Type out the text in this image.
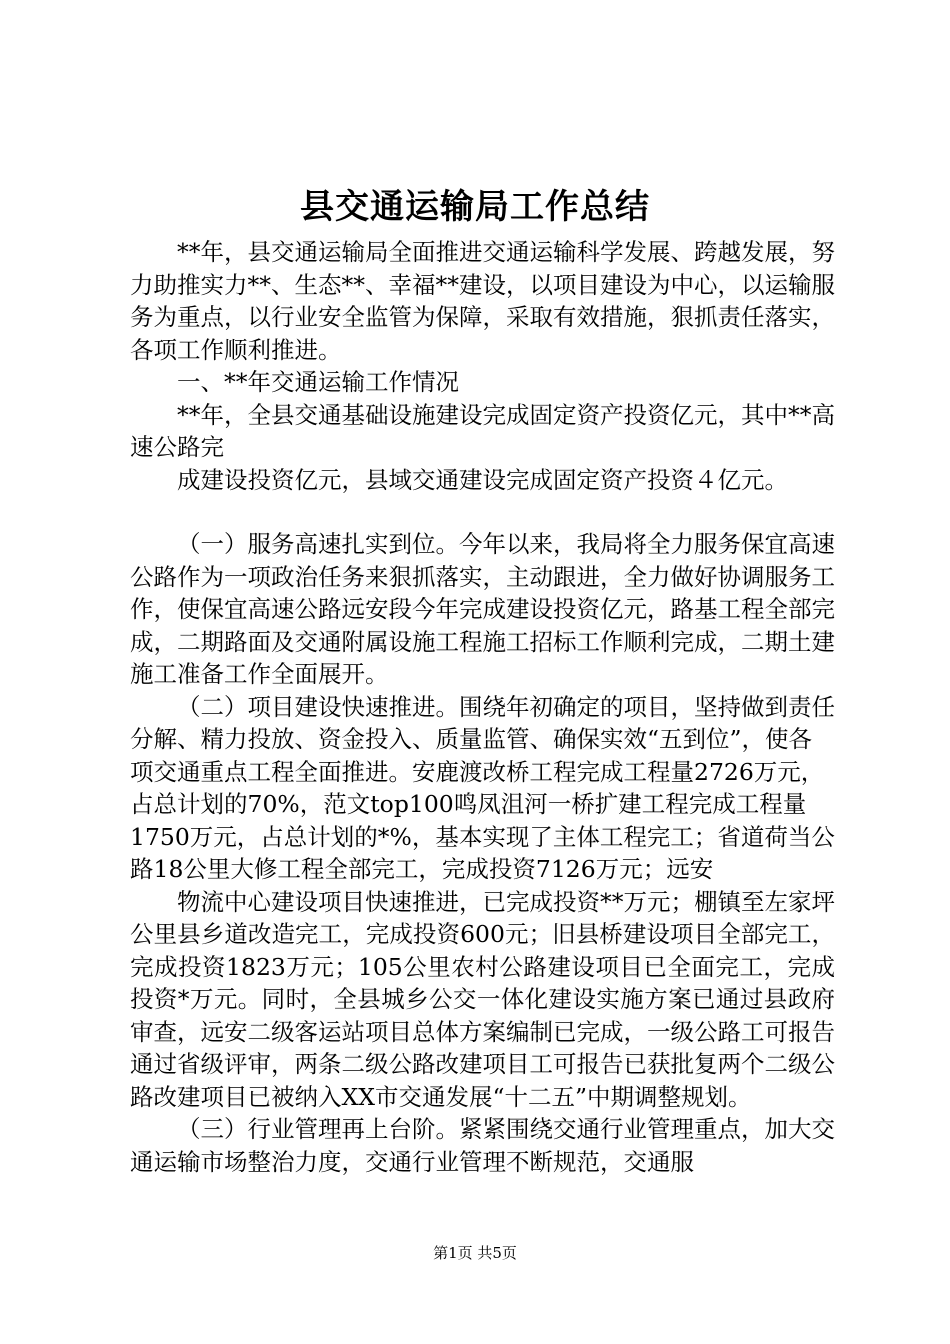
县交通运输局工作总结

**年，县交通运输局全面推进交通运输科学发展、跨越发展，努力助推实力**、生态**、幸福**建设，以项目建设为中心，以运输服务为重点，以行业安全监管为保障，采取有效措施，狠抓责任落实，各项工作顺利推进。

一、**年交通运输工作情况

**年，全县交通基础设施建设完成固定资产投资亿元，其中**高速公路完

成建设投资亿元，县域交通建设完成固定资产投资４亿元。

（一）服务高速扎实到位。今年以来，我局将全力服务保宜高速公路作为一项政治任务来狠抓落实，主动跟进，全力做好协调服务工作，使保宜高速公路远安段今年完成建设投资亿元，路基工程全部完成，二期路面及交通附属设施工程施工招标工作顺利完成，二期土建施工准备工作全面展开。

（二）项目建设快速推进。围绕年初确定的项目，坚持做到责任分解、精力投放、资金投入、质量监管、确保实效“五到位”，使各项交通重点工程全面推进。安鹿渡改桥工程完成工程量2726万元，占总计划的70%，范文top100鸣凤沮河一桥扩建工程完成工程量1750万元，占总计划的*%，基本实现了主体工程完工；省道荷当公路18公里大修工程全部完工，完成投资7126万元；远安

物流中心建设项目快速推进，已完成投资**万元；棚镇至左家坪公里县乡道改造完工，完成投资600元；旧县桥建设项目全部完工，完成投资1823万元；105公里农村公路建设项目已全面完工，完成投资*万元。同时，全县城乡公交一体化建设实施方案已通过县政府审查，远安二级客运站项目总体方案编制已完成，一级公路工可报告通过省级评审，两条二级公路改建项目工可报告已获批复两个二级公路改建项目已被纳入XX市交通发展“十二五”中期调整规划。

（三）行业管理再上台阶。紧紧围绕交通行业管理重点，加大交通运输市场整治力度，交通行业管理不断规范，交通服

第1页 共5页
